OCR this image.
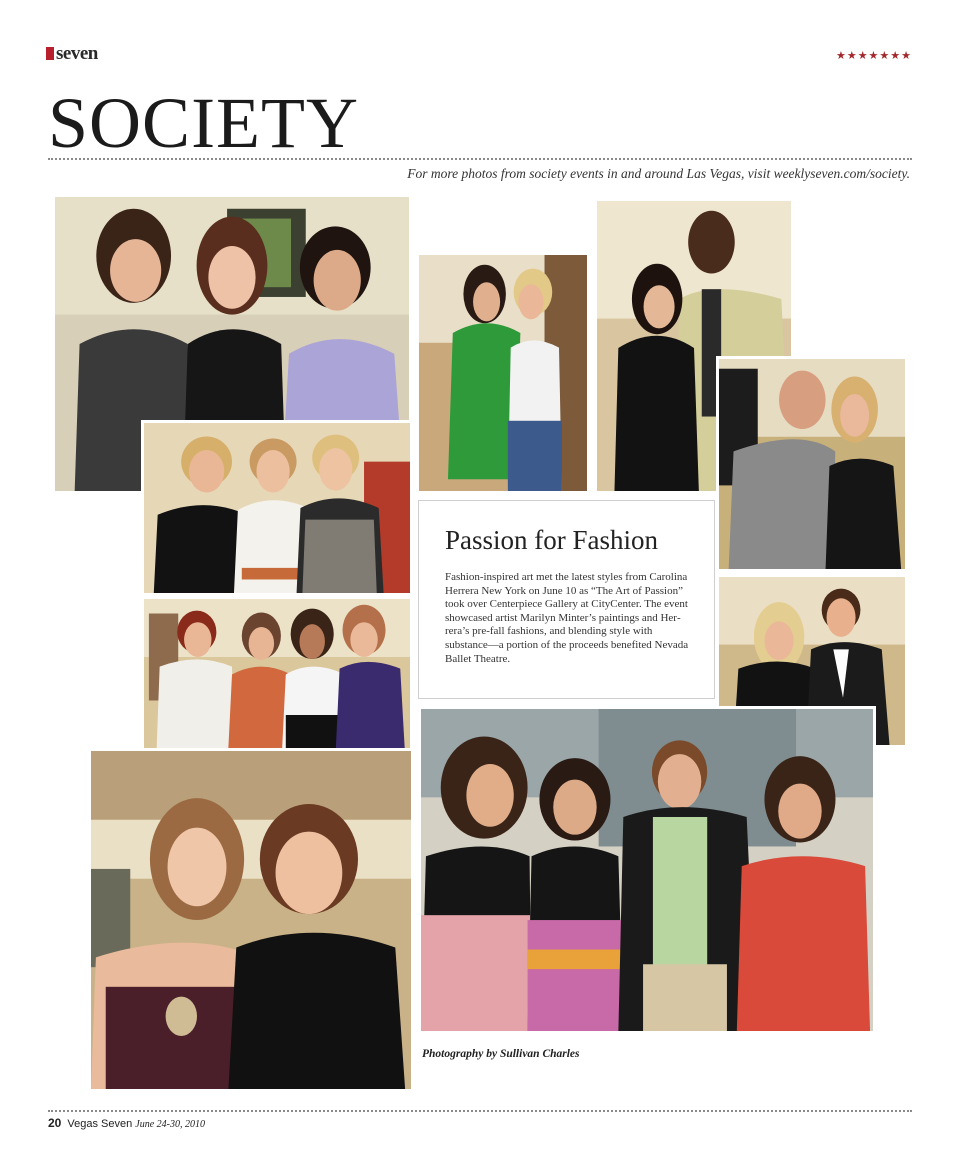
seven	★★★★★★★
SOCIETY
For more photos from society events in and around Las Vegas, visit weeklyseven.com/society.
Passion for Fashion
Fashion-inspired art met the latest styles from Carolina Herrera New York on June 10 as “The Art of Passion” took over Centerpiece Gallery at CityCenter. The event showcased artist Marilyn Minter’s paintings and Herrera’s pre-fall fashions, and blending style with substance—a portion of the proceeds benefited Nevada Ballet Theatre.
Photography by Sullivan Charles
20 Vegas Seven June 24-30, 2010
